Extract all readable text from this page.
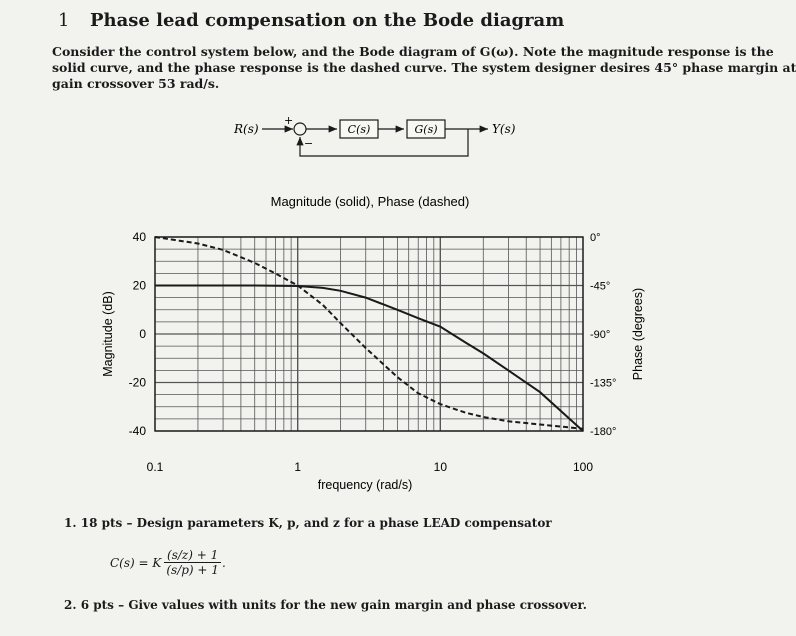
1 Phase lead compensation on the Bode diagram
Consider the control system below, and the Bode diagram of G(ω). Note the magnitude response is the
solid curve, and the phase response is the dashed curve. The system designer desires 45° phase margin at
gain crossover 53 rad/s.
R(s)
+
−
C(s)	G(s)	Y(s)
Magnitude (solid), Phase (dashed)
40
20
0
-20
-40
0°
-45°
-90°
-135°
-180°
0.1	1	10	100
frequency (rad/s)
Magnitude (dB)	Phase (degrees)
1. 18 pts – Design parameters K, p, and z for a phase LEAD compensator
C(s) = K $\frac{(s/z) + 1}{(s/p) + 1}$ .
2. 6 pts – Give values with units for the new gain margin and phase crossover.
